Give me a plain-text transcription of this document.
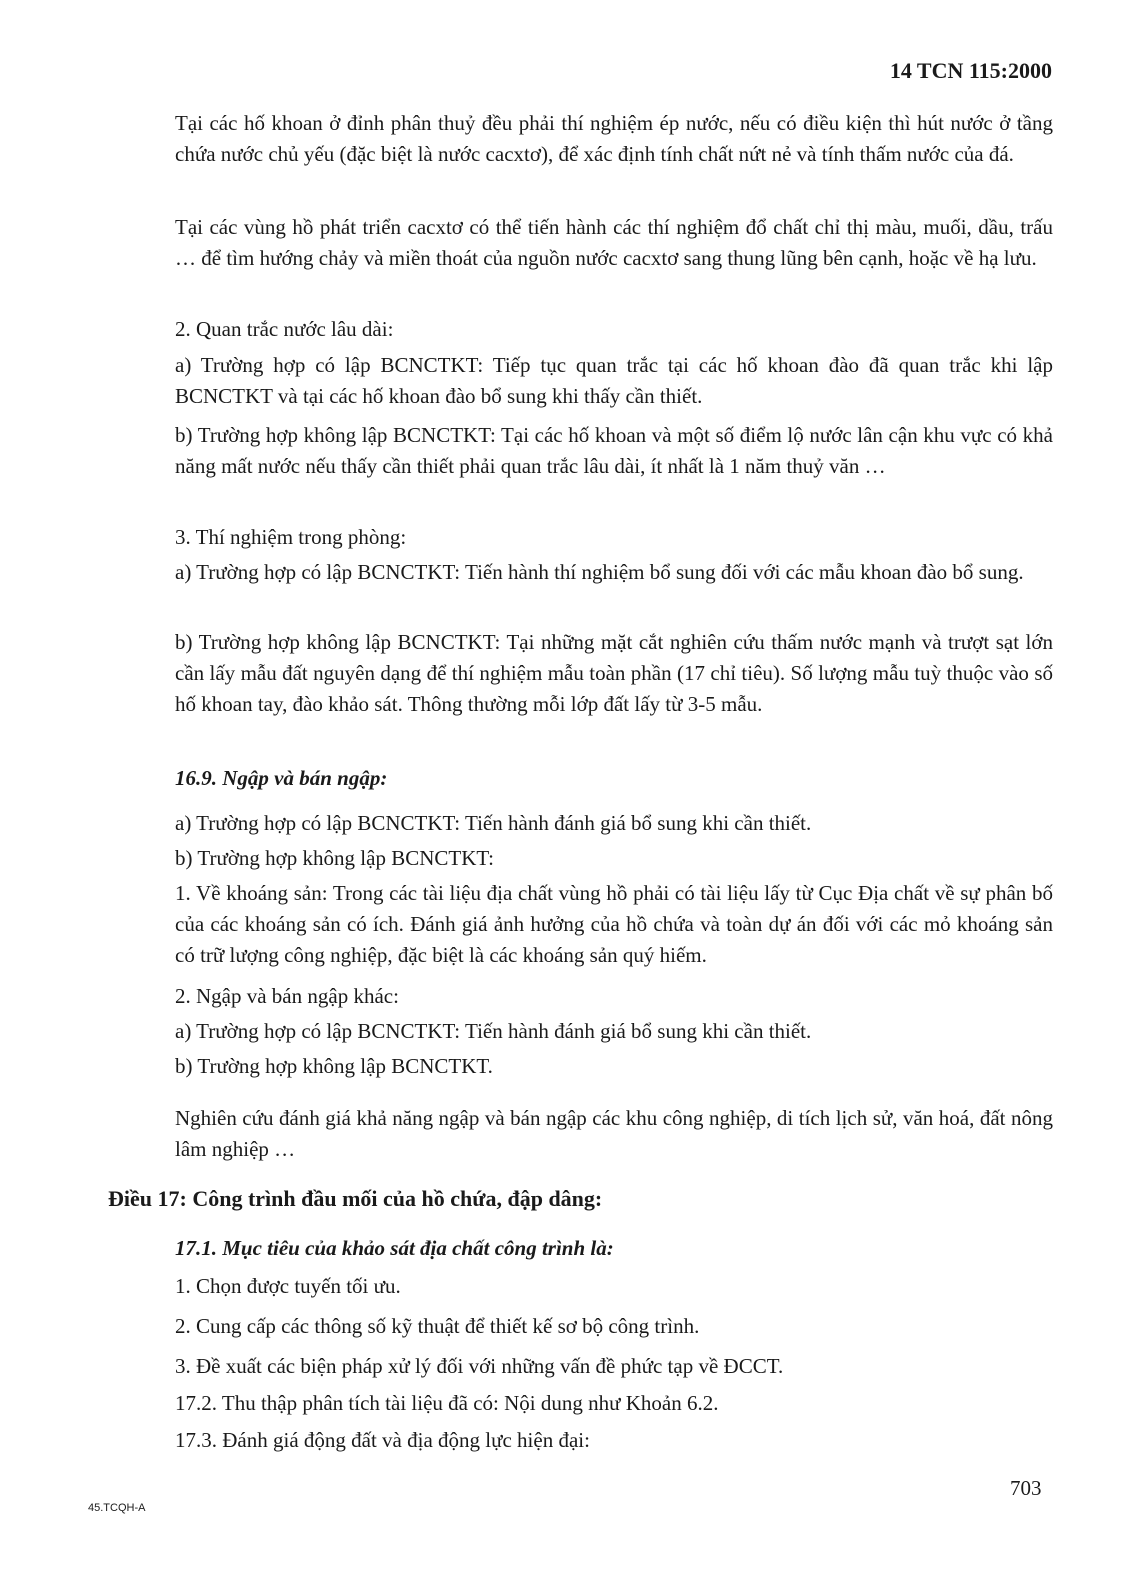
14 TCN 115:2000
Tại các hố khoan ở đỉnh phân thuỷ đều phải thí nghiệm ép nước, nếu có điều kiện thì hút nước ở tầng chứa nước chủ yếu (đặc biệt là nước cacxtơ), để xác định tính chất nứt nẻ và tính thấm nước của đá.
Tại các vùng hồ phát triển cacxtơ có thể tiến hành các thí nghiệm đổ chất chỉ thị màu, muối, dầu, trấu … để tìm hướng chảy và miền thoát của nguồn nước cacxtơ sang thung lũng bên cạnh, hoặc về hạ lưu.
2. Quan trắc nước lâu dài:
a) Trường hợp có lập BCNCTKT: Tiếp tục quan trắc tại các hố khoan đào đã quan trắc khi lập BCNCTKT và tại các hố khoan đào bổ sung khi thấy cần thiết.
b) Trường hợp không lập BCNCTKT: Tại các hố khoan và một số điểm lộ nước lân cận khu vực có khả năng mất nước nếu thấy cần thiết phải quan trắc lâu dài, ít nhất là 1 năm thuỷ văn …
3. Thí nghiệm trong phòng:
a) Trường hợp có lập BCNCTKT: Tiến hành thí nghiệm bổ sung đối với các mẫu khoan đào bổ sung.
b) Trường hợp không lập BCNCTKT: Tại những mặt cắt nghiên cứu thấm nước mạnh và trượt sạt lớn cần lấy mẫu đất nguyên dạng để thí nghiệm mẫu toàn phần (17 chỉ tiêu). Số lượng mẫu tuỳ thuộc vào số hố khoan tay, đào khảo sát. Thông thường mỗi lớp đất lấy từ 3-5 mẫu.
16.9. Ngập và bán ngập:
a) Trường hợp có lập BCNCTKT: Tiến hành đánh giá bổ sung khi cần thiết.
b) Trường hợp không lập BCNCTKT:
1. Về khoáng sản: Trong các tài liệu địa chất vùng hồ phải có tài liệu lấy từ Cục Địa chất về sự phân bố của các khoáng sản có ích. Đánh giá ảnh hưởng của hồ chứa và toàn dự án đối với các mỏ khoáng sản có trữ lượng công nghiệp, đặc biệt là các khoáng sản quý hiếm.
2. Ngập và bán ngập khác:
a) Trường hợp có lập BCNCTKT: Tiến hành đánh giá bổ sung khi cần thiết.
b) Trường hợp không lập BCNCTKT.
Nghiên cứu đánh giá khả năng ngập và bán ngập các khu công nghiệp, di tích lịch sử, văn hoá, đất nông lâm nghiệp …
Điều 17: Công trình đầu mối của hồ chứa, đập dâng:
17.1. Mục tiêu của khảo sát địa chất công trình là:
1. Chọn được tuyến tối ưu.
2. Cung cấp các thông số kỹ thuật để thiết kế sơ bộ công trình.
3. Đề xuất các biện pháp xử lý đối với những vấn đề phức tạp về ĐCCT.
17.2. Thu thập phân tích tài liệu đã có: Nội dung như Khoản 6.2.
17.3. Đánh giá động đất và địa động lực hiện đại:
703
45.TCQH-A
